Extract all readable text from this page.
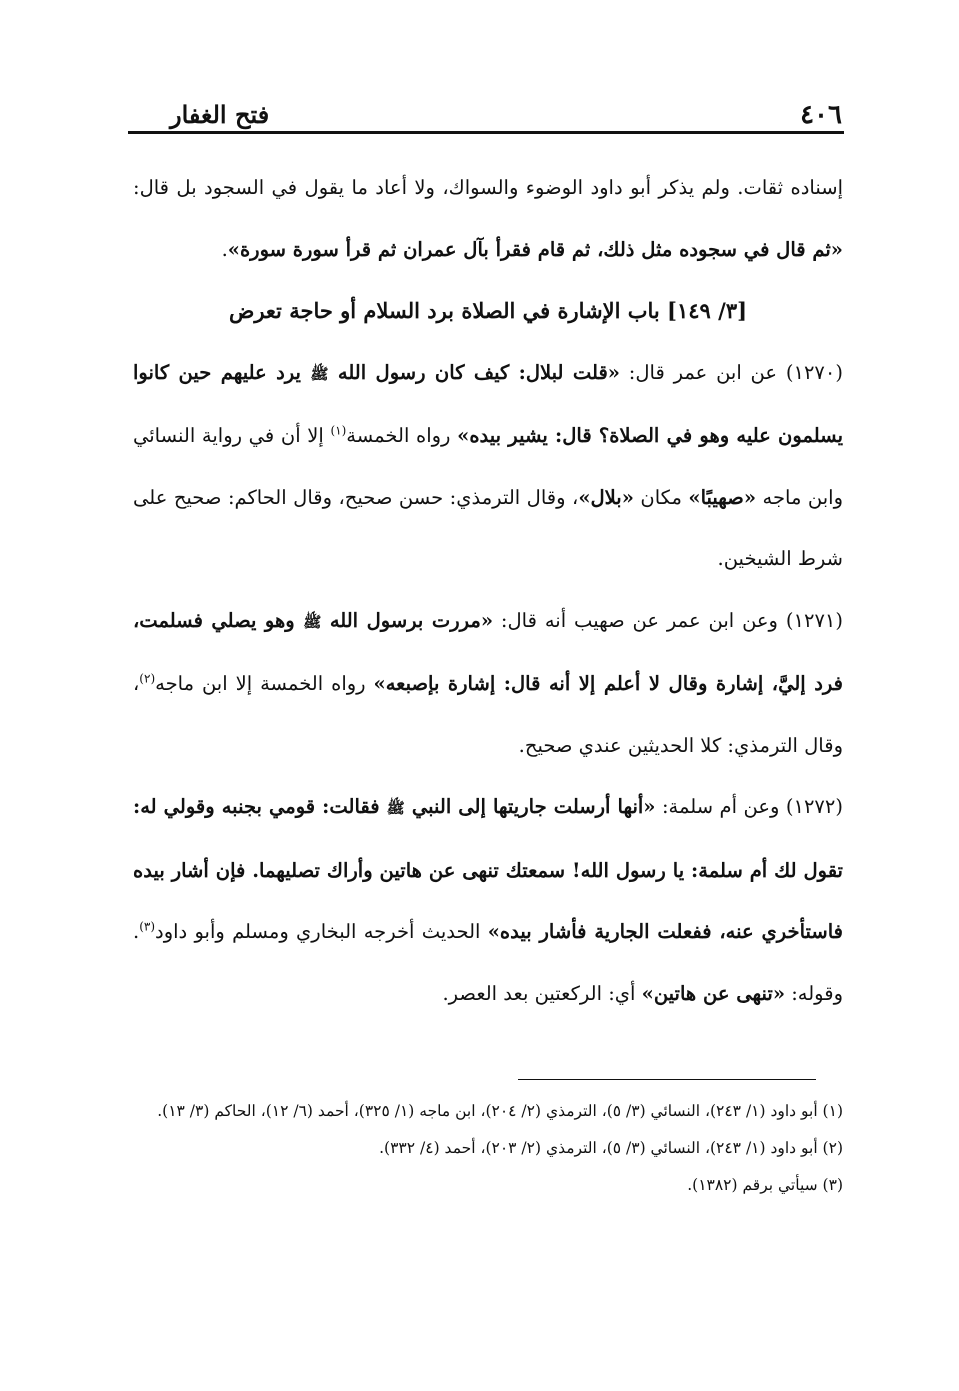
٤٠٦
فتح الغفار

إسناده ثقات. ولم يذكر أبو داود الوضوء والسواك، ولا أعاد ما يقول في السجود بل قال: «ثم قال في سجوده مثل ذلك، ثم قام فقرأ بآل عمران ثم قرأ سورة سورة».

[٣/ ١٤٩] باب الإشارة في الصلاة برد السلام أو حاجة تعرض

(١٢٧٠) عن ابن عمر قال: «قلت لبلال: كيف كان رسول الله ﷺ يرد عليهم حين كانوا يسلمون عليه وهو في الصلاة؟ قال: يشير بيده» رواه الخمسة$^{(١)}$ إلا أن في رواية النسائي وابن ماجه «صهيبًا» مكان «بلال»، وقال الترمذي: حسن صحيح، وقال الحاكم: صحيح على شرط الشيخين.

(١٢٧١) وعن ابن عمر عن صهيب أنه قال: «مررت برسول الله ﷺ وهو يصلي فسلمت، فرد إليَّ، إشارة وقال لا أعلم إلا أنه قال: إشارة بإصبعه» رواه الخمسة إلا ابن ماجه$^{(٢)}$، وقال الترمذي: كلا الحديثين عندي صحيح.

(١٢٧٢) وعن أم سلمة: «أنها أرسلت جاريتها إلى النبي ﷺ فقالت: قومي بجنبه وقولي له: تقول لك أم سلمة: يا رسول الله! سمعتك تنهى عن هاتين وأراك تصليهما. فإن أشار بيده فاستأخري عنه، ففعلت الجارية فأشار بيده» الحديث أخرجه البخاري ومسلم وأبو داود$^{(٣)}$. وقوله: «تنهى عن هاتين» أي: الركعتين بعد العصر.

(١) أبو داود (١/ ٢٤٣)، النسائي (٣/ ٥)، الترمذي (٢/ ٢٠٤)، ابن ماجه (١/ ٣٢٥)، أحمد (٦/ ١٢)، الحاكم (٣/ ١٣).

(٢) أبو داود (١/ ٢٤٣)، النسائي (٣/ ٥)، الترمذي (٢/ ٢٠٣)، أحمد (٤/ ٣٣٢).

(٣) سيأتي برقم (١٣٨٢).
